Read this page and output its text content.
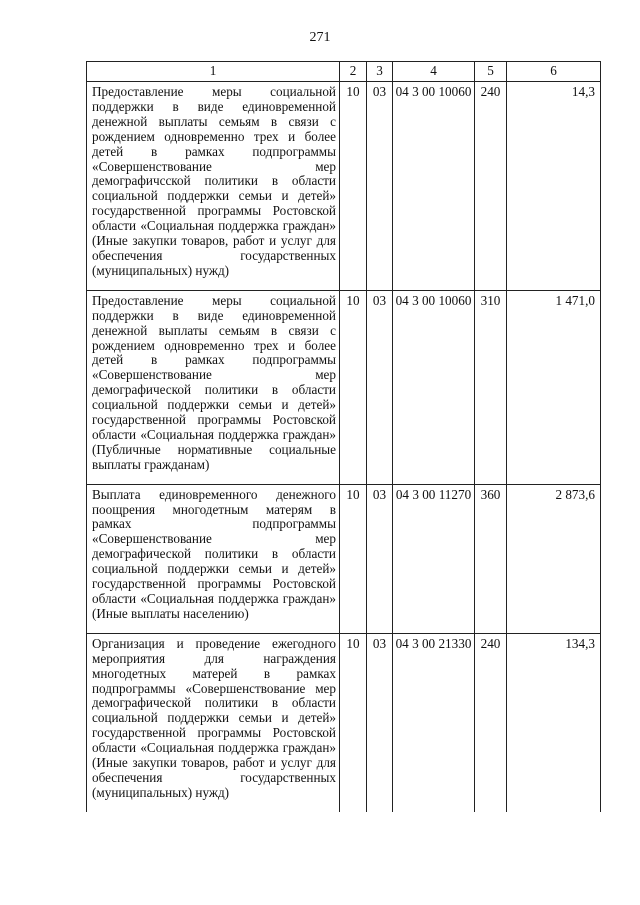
271
1	2	3	4	5	6
Предоставление меры социальной поддержки в виде единовременной денежной выплаты семьям в связи с рождением одновременно трех и более детей в рамках подпрограммы «Совершенствование мер демографичсской политики в области социальной поддержки семьи и детей» государственной программы Ростовской области «Социальная поддержка граждан» (Иные закупки товаров, работ и услуг для обеспечения государственных (муниципальных) нужд)	10	03	04 3 00 10060	240	14,3
Предоставление меры социальной поддержки в виде единовременной денежной выплаты семьям в связи с рождением одновременно трех и более детей в рамках подпрограммы «Совершенствование мер демографической политики в области социальной поддержки семьи и детей» государственной программы Ростовской области «Социальная поддержка граждан» (Публичные нормативные социальные выплаты гражданам)	10	03	04 3 00 10060	310	1 471,0
Выплата единовременного денежного поощрения многодетным матерям в рамках подпрограммы «Совершенствование мер демографической политики в области социальной поддержки семьи и детей» государственной программы Ростовской области «Социальная поддержка граждан» (Иные выплаты населению)	10	03	04 3 00 11270	360	2 873,6
Организация и проведение ежегодного мероприятия для награждения многодетных матерей в рамках подпрограммы «Совершенствование мер демографической политики в области социальной поддержки семьи и детей» государственной программы Ростовской области «Социальная поддержка граждан» (Иные закупки товаров, работ и услуг для обеспечения государственных (муниципальных) нужд)	10	03	04 3 00 21330	240	134,3
